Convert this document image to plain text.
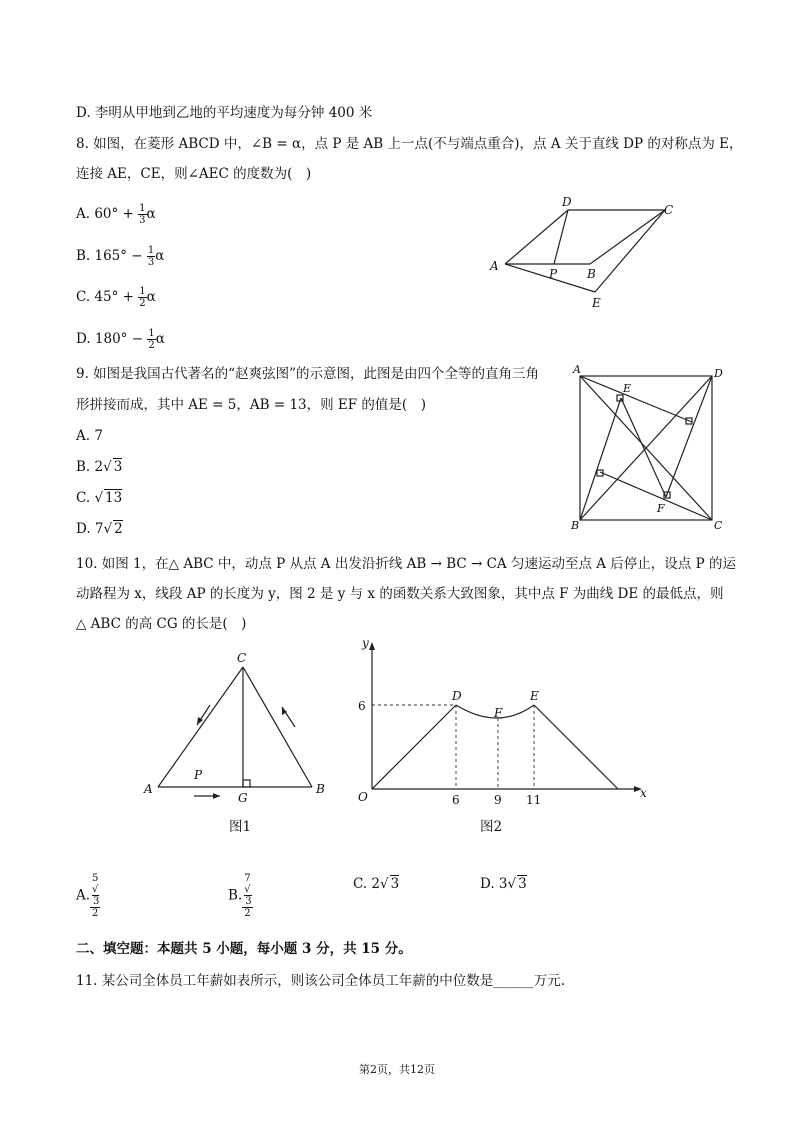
D. 李明从甲地到乙地的平均速度为每分钟 400 米
8. 如图，在菱形 ABCD 中，∠B = α，点 P 是 AB 上一点(不与端点重合)，点 A 关于直线 DP 的对称点为 E，
连接 AE，CE，则∠AEC 的度数为(　)
A. $60^\circ + \frac{1}{3}$ α
B. $165^\circ - \frac{1}{3}$ α
C. $45^\circ + \frac{1}{2}$ α
D. $180^\circ - \frac{1}{2}$ α
D
C
A
P B
E
9. 如图是我国古代著名的“赵爽弦图”的示意图，此图是由四个全等的直角三角
形拼接而成，其中 AE = 5，AB = 13，则 EF 的值是(　)
A. 7
B. 2√ 3
C. √ 13
D. 7√ 2
A	D
E
F
B	C
10. 如图 1，在△ ABC 中，动点 P 从点 A 出发沿折线 AB → BC → CA 匀速运动至点 A 后停止，设点 P 的运
动路程为 x，线段 AP 的长度为 y，图 2 是 y 与 x 的函数关系大致图象，其中点 F 为曲线 DE 的最低点，则
△ ABC 的高 CG 的长是(　)
C
A	B
G
P
图1
y
x
O
6
6	9 11
D
F
E
图2
A. 5
√
3
2	B. 7
√
3
2	C. 2√ 3	D. 3√ 3
二、填空题：本题共 5 小题，每小题 3 分，共 15 分。
11. 某公司全体员工年薪如表所示，则该公司全体员工年薪的中位数是______万元.
第2页，共12页
